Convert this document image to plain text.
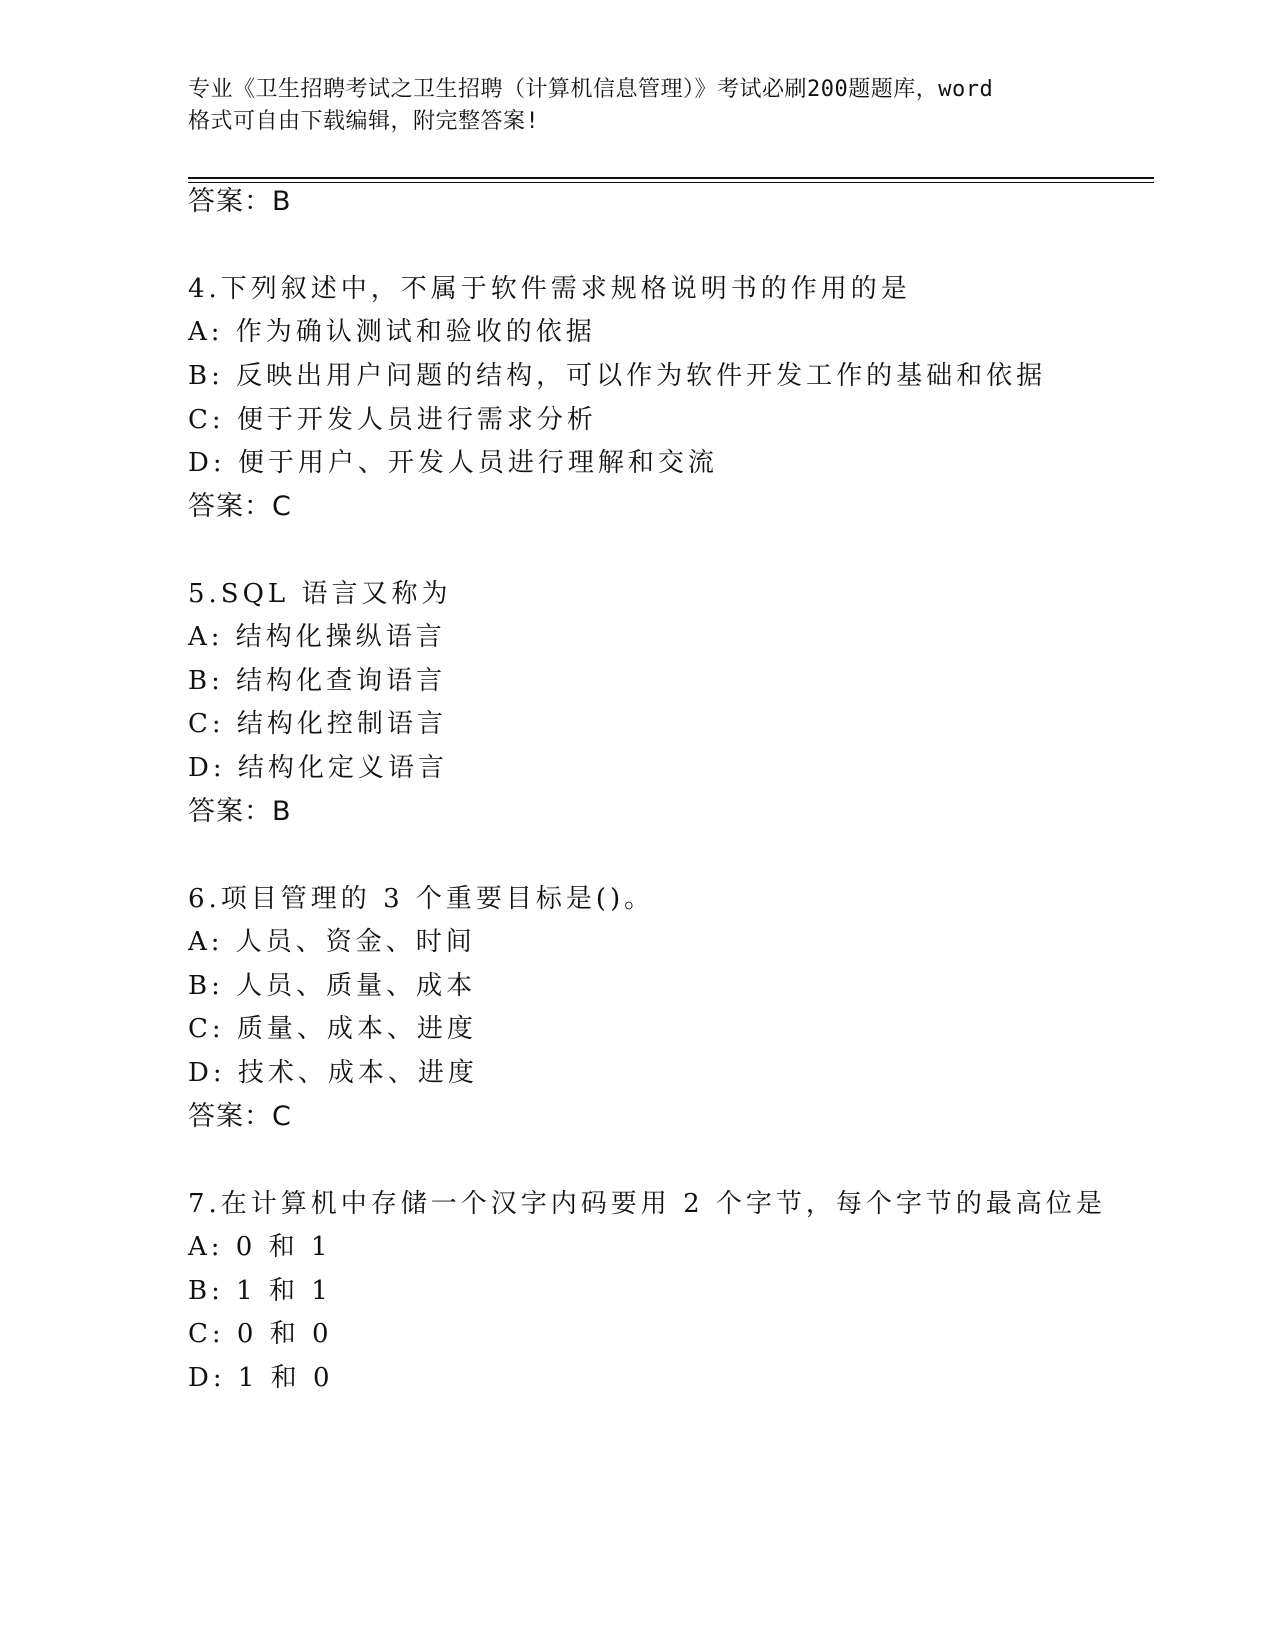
专业《卫生招聘考试之卫生招聘（计算机信息管理）》考试必刷200题题库，word
格式可自由下载编辑，附完整答案!
答案：B
4.下列叙述中，不属于软件需求规格说明书的作用的是
A: 作为确认测试和验收的依据
B: 反映出用户问题的结构，可以作为软件开发工作的基础和依据
C: 便于开发人员进行需求分析
D: 便于用户、开发人员进行理解和交流
答案：C
5.SQL 语言又称为
A: 结构化操纵语言
B: 结构化查询语言
C: 结构化控制语言
D: 结构化定义语言
答案：B
6.项目管理的 3 个重要目标是()。
A: 人员、资金、时间
B: 人员、质量、成本
C: 质量、成本、进度
D: 技术、成本、进度
答案：C
7.在计算机中存储一个汉字内码要用 2 个字节，每个字节的最高位是
A: 0 和 1
B: 1 和 1
C: 0 和 0
D: 1 和 0
